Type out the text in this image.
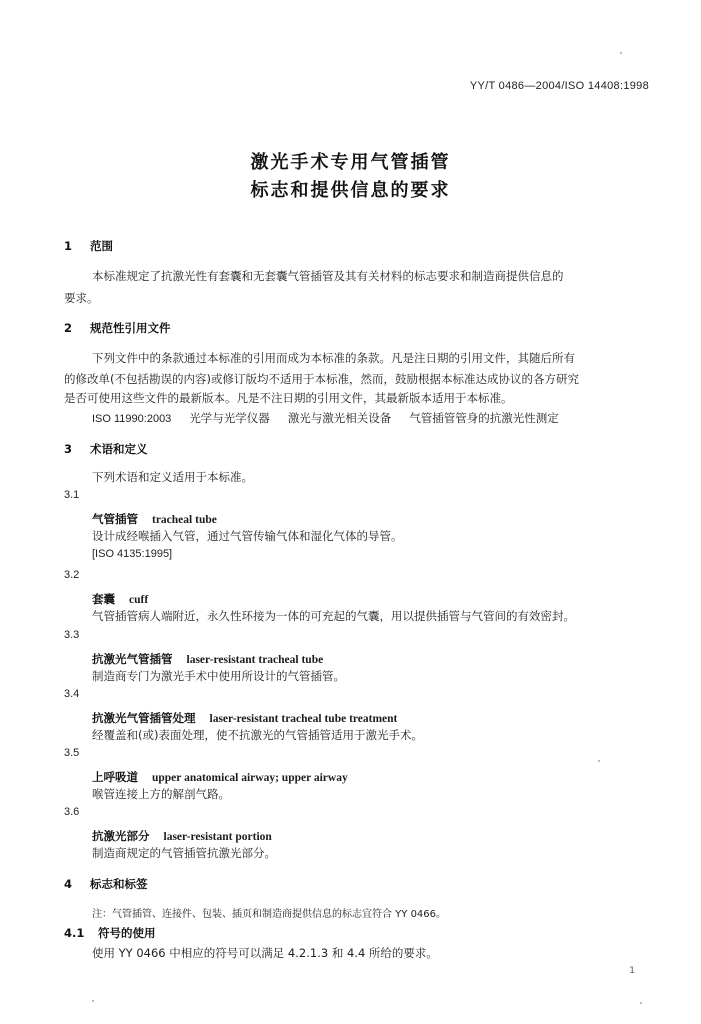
YY/T 0486—2004/ISO 14408:1998
激光手术专用气管插管
标志和提供信息的要求
1 范围
本标准规定了抗激光性有套囊和无套囊气管插管及其有关材料的标志要求和制造商提供信息的
要求。
2 规范性引用文件
下列文件中的条款通过本标准的引用而成为本标准的条款。凡是注日期的引用文件，其随后所有
的修改单(不包括勘误的内容)或修订版均不适用于本标准，然而，鼓励根据本标准达成协议的各方研究
是否可使用这些文件的最新版本。凡是不注日期的引用文件，其最新版本适用于本标准。
ISO 11990:2003 光学与光学仪器 激光与激光相关设备 气管插管管身的抗激光性测定
3 术语和定义
下列术语和定义适用于本标准。
3.1
气管插管 tracheal tube
设计成经喉插入气管，通过气管传输气体和湿化气体的导管。
[ISO 4135:1995]
3.2
套囊 cuff
气管插管病人端附近，永久性环接为一体的可充起的气囊，用以提供插管与气管间的有效密封。
3.3
抗激光气管插管 laser-resistant tracheal tube
制造商专门为激光手术中使用所设计的气管插管。
3.4
抗激光气管插管处理 laser-resistant tracheal tube treatment
经覆盖和(或)表面处理，使不抗激光的气管插管适用于激光手术。
3.5
上呼吸道 upper anatomical airway; upper airway
喉管连接上方的解剖气路。
3.6
抗激光部分 laser-resistant portion
制造商规定的气管插管抗激光部分。
4 标志和标签
注：气管插管、连接件、包装、插页和制造商提供信息的标志宜符合 YY 0466。
4.1 符号的使用
使用 YY 0466 中相应的符号可以满足 4.2.1.3 和 4.4 所给的要求。
1
